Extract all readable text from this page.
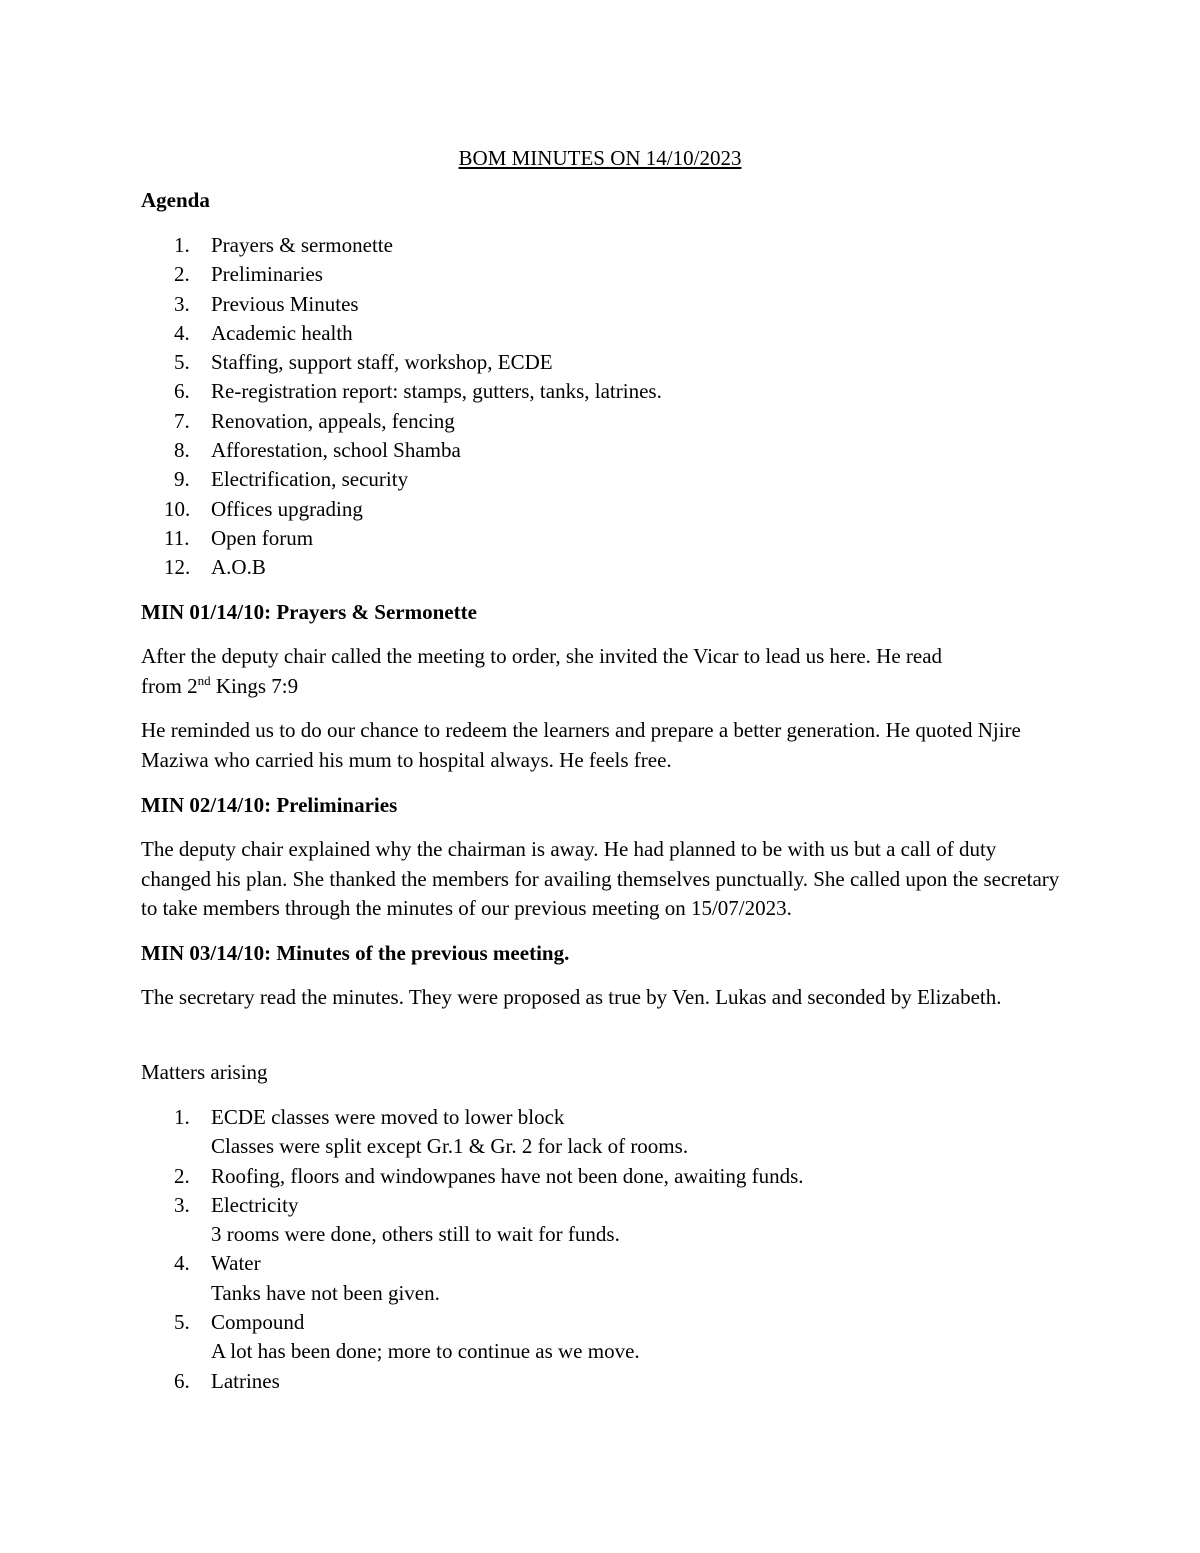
BOM MINUTES ON 14/10/2023
Agenda
1. Prayers & sermonette
2. Preliminaries
3. Previous Minutes
4. Academic health
5. Staffing, support staff, workshop, ECDE
6. Re-registration report: stamps, gutters, tanks, latrines.
7. Renovation, appeals, fencing
8. Afforestation, school Shamba
9. Electrification, security
10. Offices upgrading
11. Open forum
12. A.O.B
MIN 01/14/10: Prayers & Sermonette
After the deputy chair called the meeting to order, she invited the Vicar to lead us here. He read
from 2nd Kings 7:9
He reminded us to do our chance to redeem the learners and prepare a better generation. He quoted Njire Maziwa who carried his mum to hospital always. He feels free.
MIN 02/14/10: Preliminaries
The deputy chair explained why the chairman is away. He had planned to be with us but a call of duty changed his plan. She thanked the members for availing themselves punctually. She called upon the secretary to take members through the minutes of our previous meeting on 15/07/2023.
MIN 03/14/10: Minutes of the previous meeting.
The secretary read the minutes. They were proposed as true by Ven. Lukas and seconded by Elizabeth.
Matters arising
1. ECDE classes were moved to lower block
Classes were split except Gr.1 & Gr. 2 for lack of rooms.
2. Roofing, floors and windowpanes have not been done, awaiting funds.
3. Electricity
3 rooms were done, others still to wait for funds.
4. Water
Tanks have not been given.
5. Compound
A lot has been done; more to continue as we move.
6. Latrines
